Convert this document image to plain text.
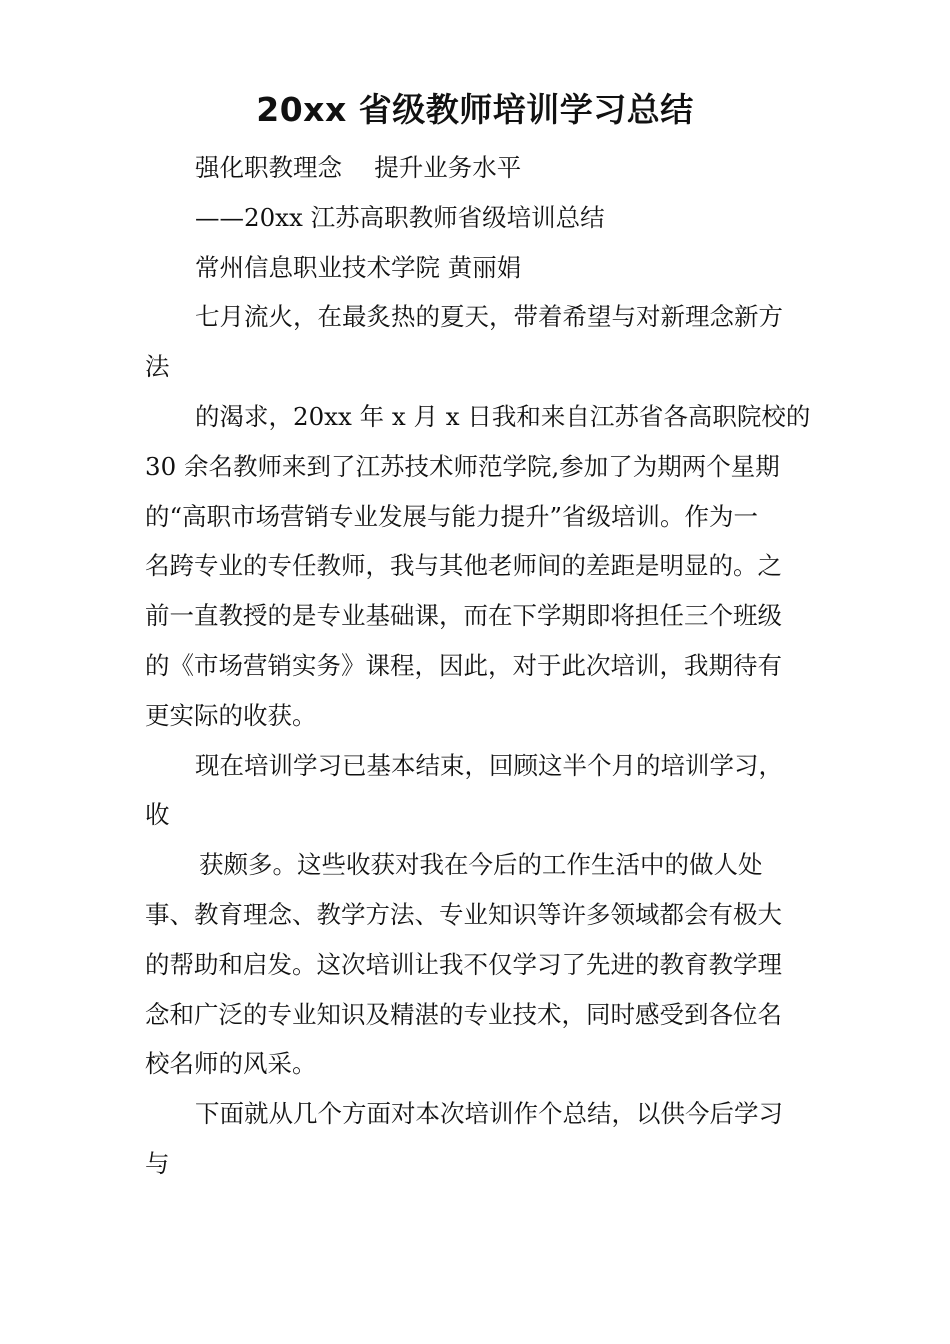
20xx 省级教师培训学习总结
强化职教理念　 提升业务水平
——20xx 江苏高职教师省级培训总结
常州信息职业技术学院 黄丽娟
七月流火，在最炙热的夏天，带着希望与对新理念新方
法
的渴求，20xx 年 x 月 x 日我和来自江苏省各高职院校的
30 余名教师来到了江苏技术师范学院,参加了为期两个星期
的“高职市场营销专业发展与能力提升”省级培训。作为一
名跨专业的专任教师，我与其他老师间的差距是明显的。之
前一直教授的是专业基础课，而在下学期即将担任三个班级
的《市场营销实务》课程，因此，对于此次培训，我期待有
更实际的收获。
现在培训学习已基本结束，回顾这半个月的培训学习，
收
获颇多。这些收获对我在今后的工作生活中的做人处
事、教育理念、教学方法、专业知识等许多领域都会有极大
的帮助和启发。这次培训让我不仅学习了先进的教育教学理
念和广泛的专业知识及精湛的专业技术，同时感受到各位名
校名师的风采。
下面就从几个方面对本次培训作个总结，以供今后学习
与
